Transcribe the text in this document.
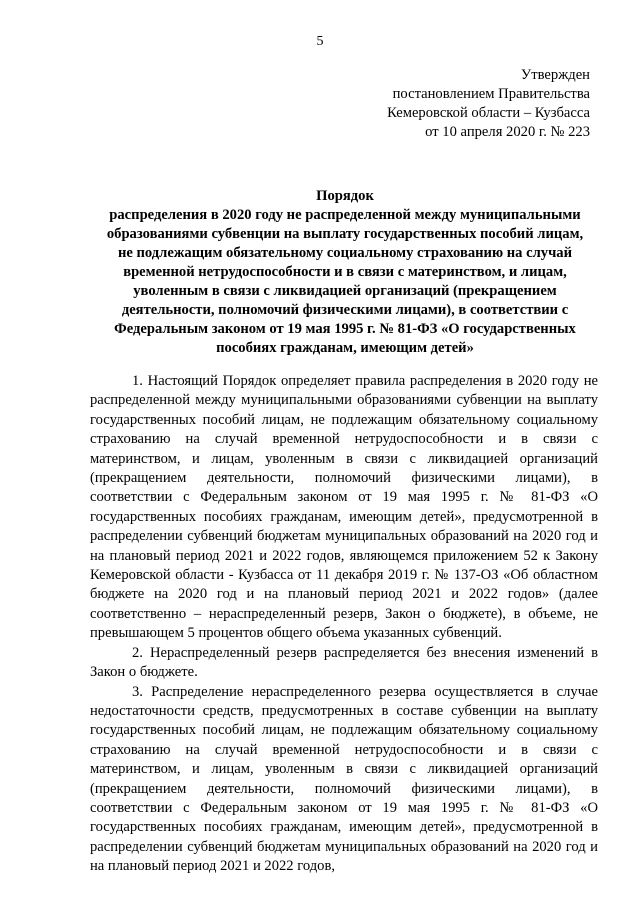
5
Утвержден
постановлением Правительства
Кемеровской области – Кузбасса
от 10 апреля 2020 г. № 223
Порядок
распределения в 2020 году не распределенной между муниципальными
образованиями субвенции на выплату государственных пособий лицам,
не подлежащим обязательному социальному страхованию на случай
временной нетрудоспособности и в связи с материнством, и лицам,
уволенным в связи с ликвидацией организаций (прекращением
деятельности, полномочий физическими лицами), в соответствии с
Федеральным законом от 19 мая 1995 г. № 81-ФЗ «О государственных
пособиях гражданам, имеющим детей»

1. Настоящий Порядок определяет правила распределения в 2020 году не распределенной между муниципальными образованиями субвенции на выплату государственных пособий лицам, не подлежащим обязательному социальному страхованию на случай временной нетрудоспособности и в связи с материнством, и лицам, уволенным в связи с ликвидацией организаций (прекращением деятельности, полномочий физическими лицами), в соответствии с Федеральным законом от 19 мая 1995 г. № 81-ФЗ «О государственных пособиях гражданам, имеющим детей», предусмотренной в распределении субвенций бюджетам муниципальных образований на 2020 год и на плановый период 2021 и 2022 годов, являющемся приложением 52 к Закону Кемеровской области - Кузбасса от 11 декабря 2019 г. № 137-ОЗ «Об областном бюджете на 2020 год и на плановый период 2021 и 2022 годов» (далее соответственно – нераспределенный резерв, Закон о бюджете), в объеме, не превышающем 5 процентов общего объема указанных субвенций.

2. Нераспределенный резерв распределяется без внесения изменений в Закон о бюджете.

3. Распределение нераспределенного резерва осуществляется в случае недостаточности средств, предусмотренных в составе субвенции на выплату государственных пособий лицам, не подлежащим обязательному социальному страхованию на случай временной нетрудоспособности и в связи с материнством, и лицам, уволенным в связи с ликвидацией организаций (прекращением деятельности, полномочий физическими лицами), в соответствии с Федеральным законом от 19 мая 1995 г. № 81-ФЗ «О государственных пособиях гражданам, имеющим детей», предусмотренной в распределении субвенций бюджетам муниципальных образований на 2020 год и на плановый период 2021 и 2022 годов,
